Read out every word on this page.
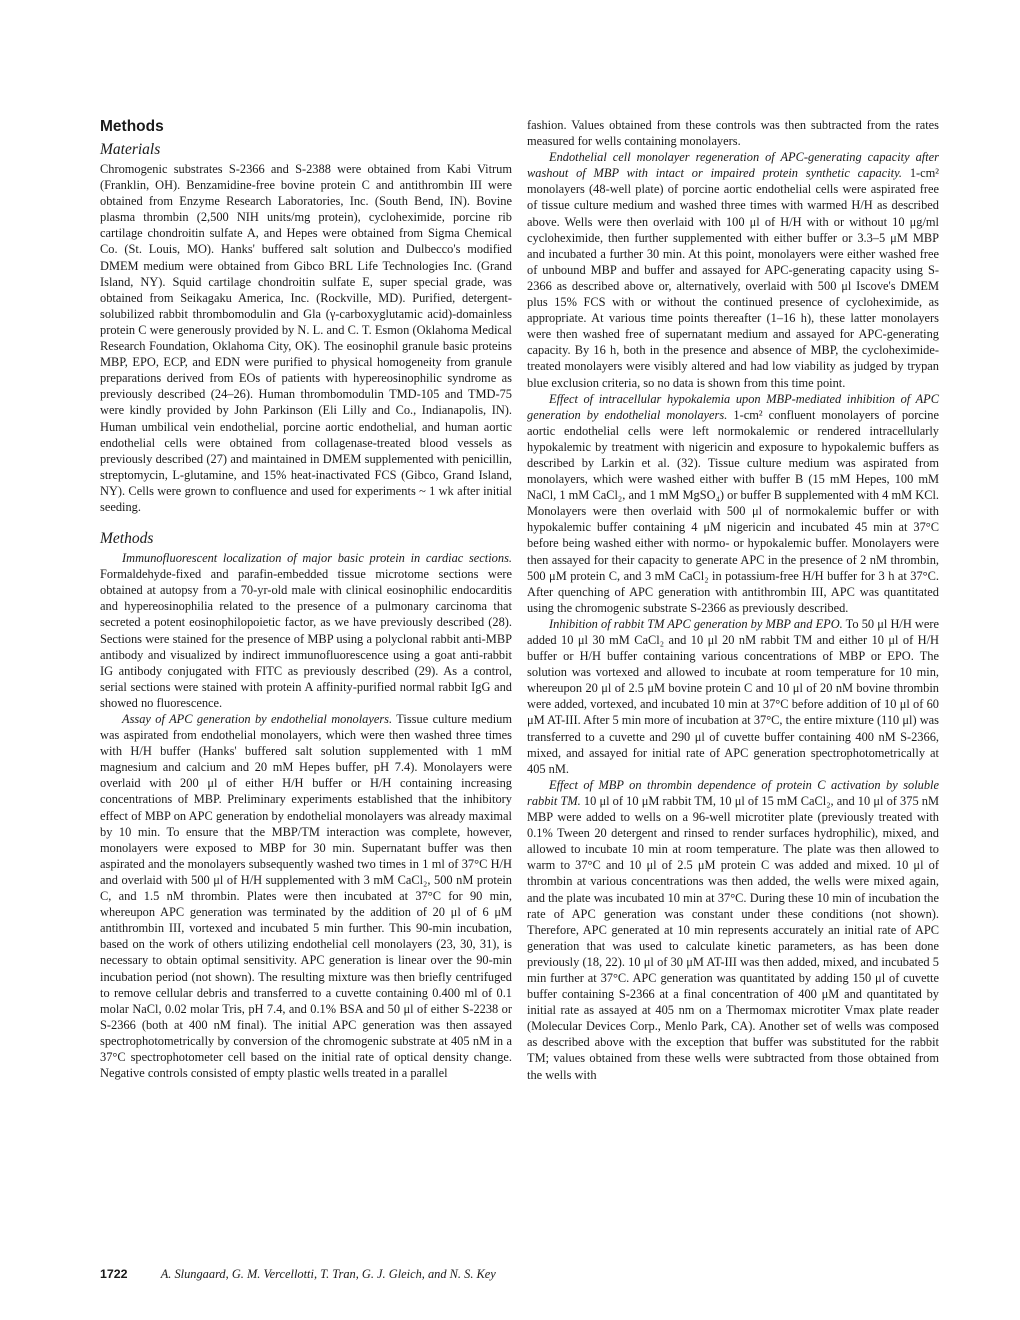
Methods
Materials

Chromogenic substrates S-2366 and S-2388 were obtained from Kabi Vitrum (Franklin, OH). Benzamidine-free bovine protein C and antithrombin III were obtained from Enzyme Research Laboratories, Inc. (South Bend, IN). Bovine plasma thrombin (2,500 NIH units/mg protein), cycloheximide, porcine rib cartilage chondroitin sulfate A, and Hepes were obtained from Sigma Chemical Co. (St. Louis, MO). Hanks' buffered salt solution and Dulbecco's modified DMEM medium were obtained from Gibco BRL Life Technologies Inc. (Grand Island, NY). Squid cartilage chondroitin sulfate E, super special grade, was obtained from Seikagaku America, Inc. (Rockville, MD). Purified, detergent-solubilized rabbit thrombomodulin and Gla (γ-carboxyglutamic acid)-domainless protein C were generously provided by N. L. and C. T. Esmon (Oklahoma Medical Research Foundation, Oklahoma City, OK). The eosinophil granule basic proteins MBP, EPO, ECP, and EDN were purified to physical homogeneity from granule preparations derived from EOs of patients with hypereosinophilic syndrome as previously described (24–26). Human thrombomodulin TMD-105 and TMD-75 were kindly provided by John Parkinson (Eli Lilly and Co., Indianapolis, IN). Human umbilical vein endothelial, porcine aortic endothelial, and human aortic endothelial cells were obtained from collagenase-treated blood vessels as previously described (27) and maintained in DMEM supplemented with penicillin, streptomycin, L-glutamine, and 15% heat-inactivated FCS (Gibco, Grand Island, NY). Cells were grown to confluence and used for experiments ~ 1 wk after initial seeding.

Methods

Immunofluorescent localization of major basic protein in cardiac sections. Formaldehyde-fixed and parafin-embedded tissue microtome sections were obtained at autopsy from a 70-yr-old male with clinical eosinophilic endocarditis and hypereosinophilia related to the presence of a pulmonary carcinoma that secreted a potent eosinophilopoietic factor, as we have previously described (28). Sections were stained for the presence of MBP using a polyclonal rabbit anti-MBP antibody and visualized by indirect immunofluorescence using a goat anti-rabbit IG antibody conjugated with FITC as previously described (29). As a control, serial sections were stained with protein A affinity-purified normal rabbit IgG and showed no fluorescence.

Assay of APC generation by endothelial monolayers. Tissue culture medium was aspirated from endothelial monolayers, which were then washed three times with H/H buffer (Hanks' buffered salt solution supplemented with 1 mM magnesium and calcium and 20 mM Hepes buffer, pH 7.4). Monolayers were overlaid with 200 μl of either H/H buffer or H/H containing increasing concentrations of MBP. Preliminary experiments established that the inhibitory effect of MBP on APC generation by endothelial monolayers was already maximal by 10 min. To ensure that the MBP/TM interaction was complete, however, monolayers were exposed to MBP for 30 min. Supernatant buffer was then aspirated and the monolayers subsequently washed two times in 1 ml of 37°C H/H and overlaid with 500 μl of H/H supplemented with 3 mM CaCl₂, 500 nM protein C, and 1.5 nM thrombin. Plates were then incubated at 37°C for 90 min, whereupon APC generation was terminated by the addition of 20 μl of 6 μM antithrombin III, vortexed and incubated 5 min further. This 90-min incubation, based on the work of others utilizing endothelial cell monolayers (23, 30, 31), is necessary to obtain optimal sensitivity. APC generation is linear over the 90-min incubation period (not shown). The resulting mixture was then briefly centrifuged to remove cellular debris and transferred to a cuvette containing 0.400 ml of 0.1 molar NaCl, 0.02 molar Tris, pH 7.4, and 0.1% BSA and 50 μl of either S-2238 or S-2366 (both at 400 nM final). The initial APC generation was then assayed spectrophotometrically by conversion of the chromogenic substrate at 405 nM in a 37°C spectrophotometer cell based on the initial rate of optical density change. Negative controls consisted of empty plastic wells treated in a parallel

fashion. Values obtained from these controls was then subtracted from the rates measured for wells containing monolayers.

Endothelial cell monolayer regeneration of APC-generating capacity after washout of MBP with intact or impaired protein synthetic capacity. 1-cm² monolayers (48-well plate) of porcine aortic endothelial cells were aspirated free of tissue culture medium and washed three times with warmed H/H as described above. Wells were then overlaid with 100 μl of H/H with or without 10 μg/ml cycloheximide, then further supplemented with either buffer or 3.3–5 μM MBP and incubated a further 30 min. At this point, monolayers were either washed free of unbound MBP and buffer and assayed for APC-generating capacity using S-2366 as described above or, alternatively, overlaid with 500 μl Iscove's DMEM plus 15% FCS with or without the continued presence of cycloheximide, as appropriate. At various time points thereafter (1–16 h), these latter monolayers were then washed free of supernatant medium and assayed for APC-generating capacity. By 16 h, both in the presence and absence of MBP, the cycloheximide-treated monolayers were visibly altered and had low viability as judged by trypan blue exclusion criteria, so no data is shown from this time point.

Effect of intracellular hypokalemia upon MBP-mediated inhibition of APC generation by endothelial monolayers. 1-cm² confluent monolayers of porcine aortic endothelial cells were left normokalemic or rendered intracellularly hypokalemic by treatment with nigericin and exposure to hypokalemic buffers as described by Larkin et al. (32). Tissue culture medium was aspirated from monolayers, which were washed either with buffer B (15 mM Hepes, 100 mM NaCl, 1 mM CaCl₂, and 1 mM MgSO₄) or buffer B supplemented with 4 mM KCl. Monolayers were then overlaid with 500 μl of normokalemic buffer or with hypokalemic buffer containing 4 μM nigericin and incubated 45 min at 37°C before being washed either with normo- or hypokalemic buffer. Monolayers were then assayed for their capacity to generate APC in the presence of 2 nM thrombin, 500 μM protein C, and 3 mM CaCl₂ in potassium-free H/H buffer for 3 h at 37°C. After quenching of APC generation with antithrombin III, APC was quantitated using the chromogenic substrate S-2366 as previously described.

Inhibition of rabbit TM APC generation by MBP and EPO. To 50 μl H/H were added 10 μl 30 mM CaCl₂ and 10 μl 20 nM rabbit TM and either 10 μl of H/H buffer or H/H buffer containing various concentrations of MBP or EPO. The solution was vortexed and allowed to incubate at room temperature for 10 min, whereupon 20 μl of 2.5 μM bovine protein C and 10 μl of 20 nM bovine thrombin were added, vortexed, and incubated 10 min at 37°C before addition of 10 μl of 60 μM AT-III. After 5 min more of incubation at 37°C, the entire mixture (110 μl) was transferred to a cuvette and 290 μl of cuvette buffer containing 400 nM S-2366, mixed, and assayed for initial rate of APC generation spectrophotometrically at 405 nM.

Effect of MBP on thrombin dependence of protein C activation by soluble rabbit TM. 10 μl of 10 μM rabbit TM, 10 μl of 15 mM CaCl₂, and 10 μl of 375 nM MBP were added to wells on a 96-well microtiter plate (previously treated with 0.1% Tween 20 detergent and rinsed to render surfaces hydrophilic), mixed, and allowed to incubate 10 min at room temperature. The plate was then allowed to warm to 37°C and 10 μl of 2.5 μM protein C was added and mixed. 10 μl of thrombin at various concentrations was then added, the wells were mixed again, and the plate was incubated 10 min at 37°C. During these 10 min of incubation the rate of APC generation was constant under these conditions (not shown). Therefore, APC generated at 10 min represents accurately an initial rate of APC generation that was used to calculate kinetic parameters, as has been done previously (18, 22). 10 μl of 30 μM AT-III was then added, mixed, and incubated 5 min further at 37°C. APC generation was quantitated by adding 150 μl of cuvette buffer containing S-2366 at a final concentration of 400 μM and quantitated by initial rate as assayed at 405 nm on a Thermomax microtiter Vmax plate reader (Molecular Devices Corp., Menlo Park, CA). Another set of wells was composed as described above with the exception that buffer was substituted for the rabbit TM; values obtained from these wells were subtracted from those obtained from the wells with

1722	A. Slungaard, G. M. Vercellotti, T. Tran, G. J. Gleich, and N. S. Key
